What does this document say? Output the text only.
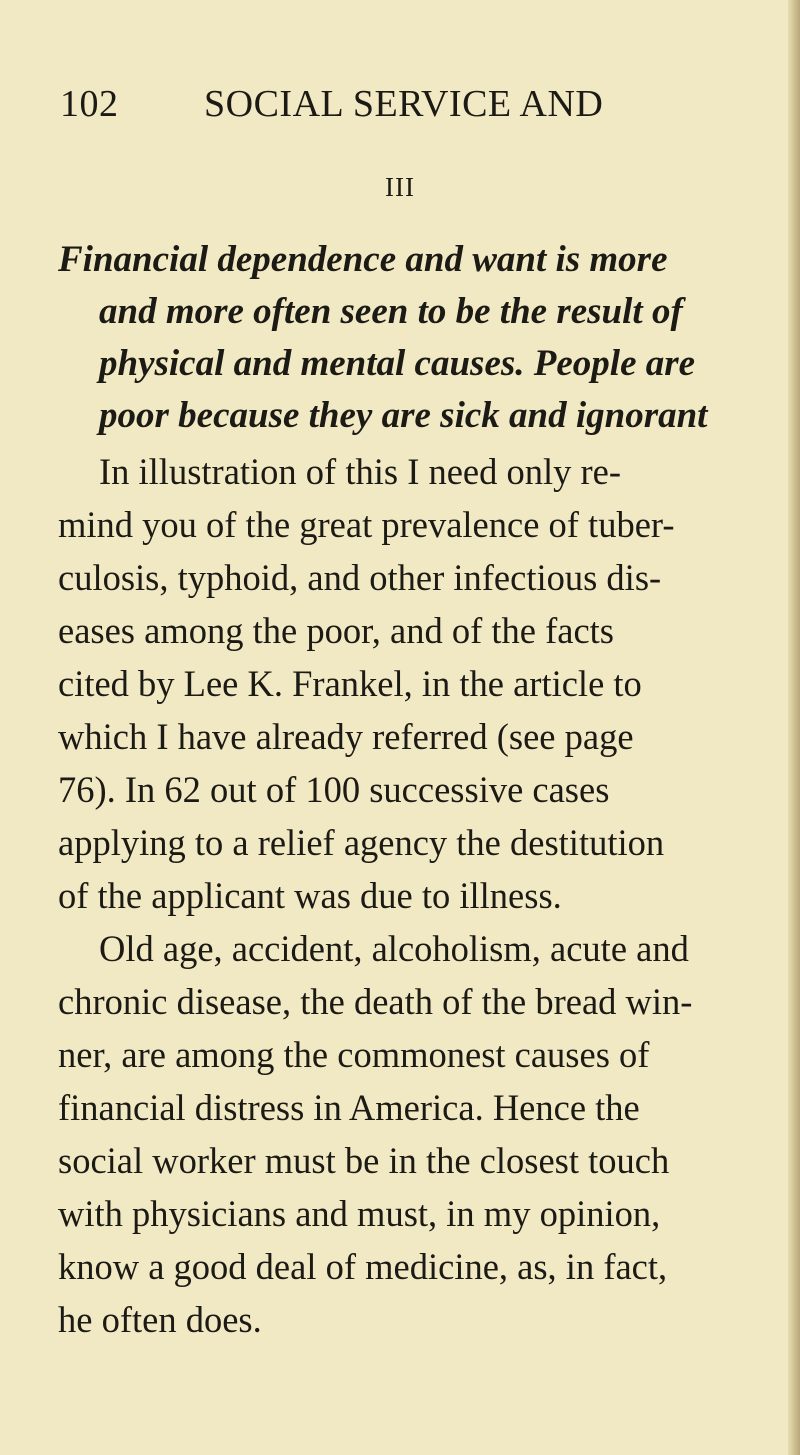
102 SOCIAL SERVICE AND
III
Financial dependence and want is more
and more often seen to be the result of
physical and mental causes. People are
poor because they are sick and ignorant
In illustration of this I need only re-
mind you of the great prevalence of tuber-
culosis, typhoid, and other infectious dis-
eases among the poor, and of the facts
cited by Lee K. Frankel, in the article to
which I have already referred (see page
76). In 62 out of 100 successive cases
applying to a relief agency the destitution
of the applicant was due to illness.
Old age, accident, alcoholism, acute and
chronic disease, the death of the bread win-
ner, are among the commonest causes of
financial distress in America. Hence the
social worker must be in the closest touch
with physicians and must, in my opinion,
know a good deal of medicine, as, in fact,
he often does.
